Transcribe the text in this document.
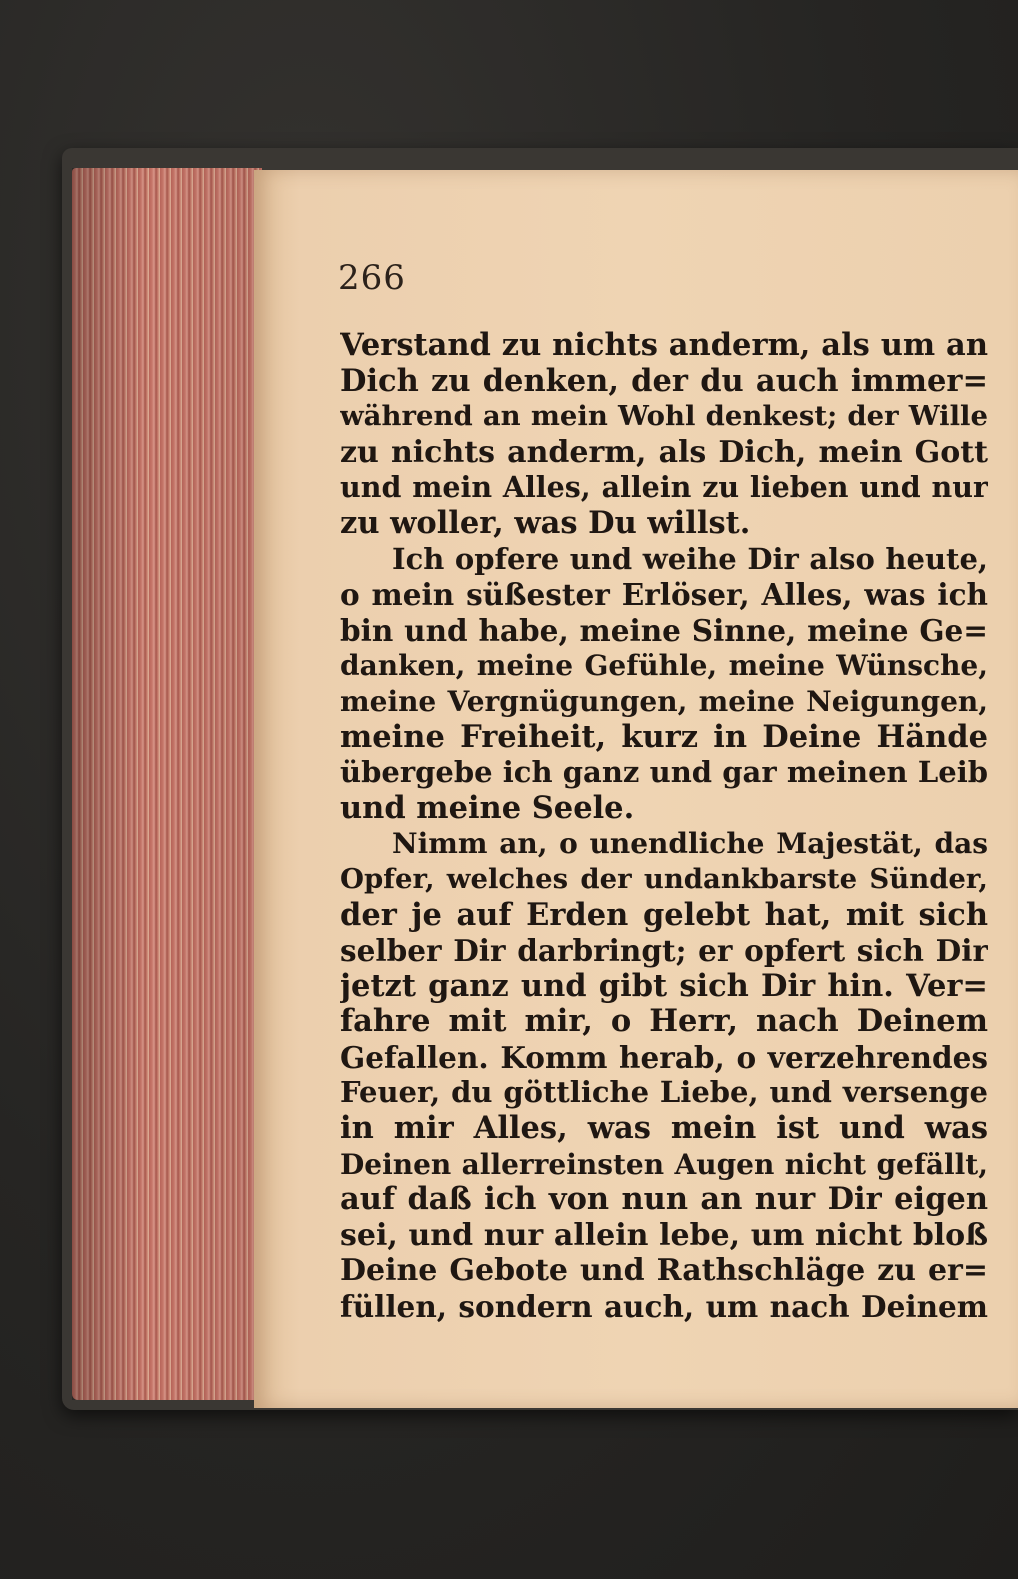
266
Verstand zu nichts anderm, als um an
Dich zu denken, der du auch immer=
während an mein Wohl denkest; der Wille
zu nichts anderm, als Dich, mein Gott
und mein Alles, allein zu lieben und nur
zu woller, was Du willst.
Ich opfere und weihe Dir also heute,
o mein süßester Erlöser, Alles, was ich
bin und habe, meine Sinne, meine Ge=
danken, meine Gefühle, meine Wünsche,
meine Vergnügungen, meine Neigungen,
meine Freiheit, kurz in Deine Hände
übergebe ich ganz und gar meinen Leib
und meine Seele.
Nimm an, o unendliche Majestät, das
Opfer, welches der undankbarste Sünder,
der je auf Erden gelebt hat, mit sich
selber Dir darbringt; er opfert sich Dir
jetzt ganz und gibt sich Dir hin. Ver=
fahre mit mir, o Herr, nach Deinem
Gefallen. Komm herab, o verzehrendes
Feuer, du göttliche Liebe, und versenge
in mir Alles, was mein ist und was
Deinen allerreinsten Augen nicht gefällt,
auf daß ich von nun an nur Dir eigen
sei, und nur allein lebe, um nicht bloß
Deine Gebote und Rathschläge zu er=
füllen, sondern auch, um nach Deinem
